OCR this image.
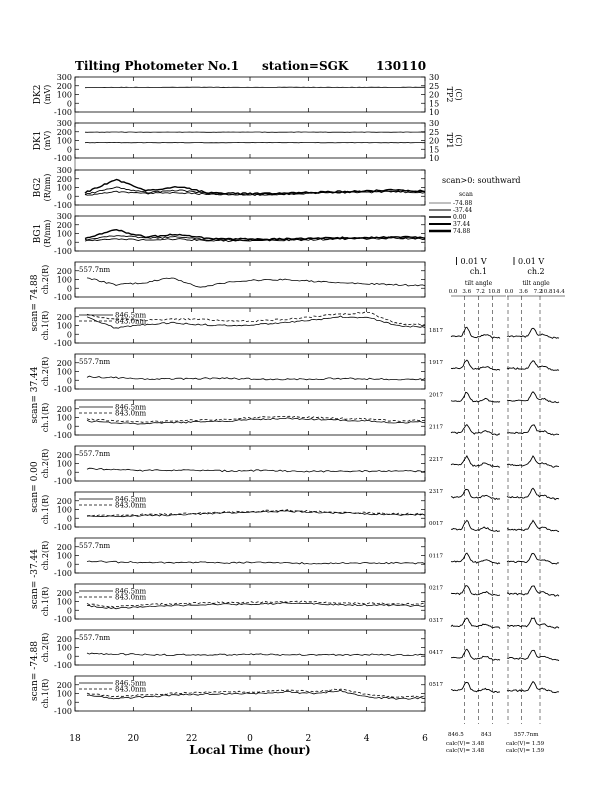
Tilting Photometer No.1 station=SGK 130110
-100
0
100
200
300
10
15
20
25
30
TP2 (C)
DK2 (mV)
-100
0
100
200
300
10
15
20
25
30
TP1 (C)
DK1 (mV)
-100
0
100
200
300
BG2 (R/nm)
-100
0
100
200
300
BG1 (R/nm)
-100
0
100
200
ch.2(R)
scan= 74.88
557.7nm
-100
0
100
200
ch.1(R)	846.5nm
843.0nm
-100
0
100
200
ch.2(R)
scan= 37.44
557.7nm
-100
0
100
200
ch.1(R)	846.5nm
843.0nm
-100
0
100
200
ch.2(R)
scan= 0.00
557.7nm
-100
0
100
200
ch.1(R)	846.5nm
843.0nm
-100
0
100
200
ch.2(R)
scan= -37.44
557.7nm
-100
0
100
200
ch.1(R)	846.5nm
843.0nm
-100
0
100
200
ch.2(R)
scan= -74.88
557.7nm
-100
0
100
200
ch.1(R)	846.5nm
843.0nm
18	20	22	0	2	4	6
Local Time (hour)
scan>0: southward
scan
-74.88
-37.44
0.00
37.44
74.88
0.01 V
ch.1
tilt angle
0.0 3.6 7.2 10.8
0.01 V
ch.2
tilt angle
0.0 3.6 7.2
10.814.4
1817
1917
2017
2117
2217
2317
0017
0117
0217
0317
0417
0517
846.5	843	557.7nm
calc(V)= 3.48
calc(V)= 3.48
calc(V)= 1.59
calc(V)= 1.59
